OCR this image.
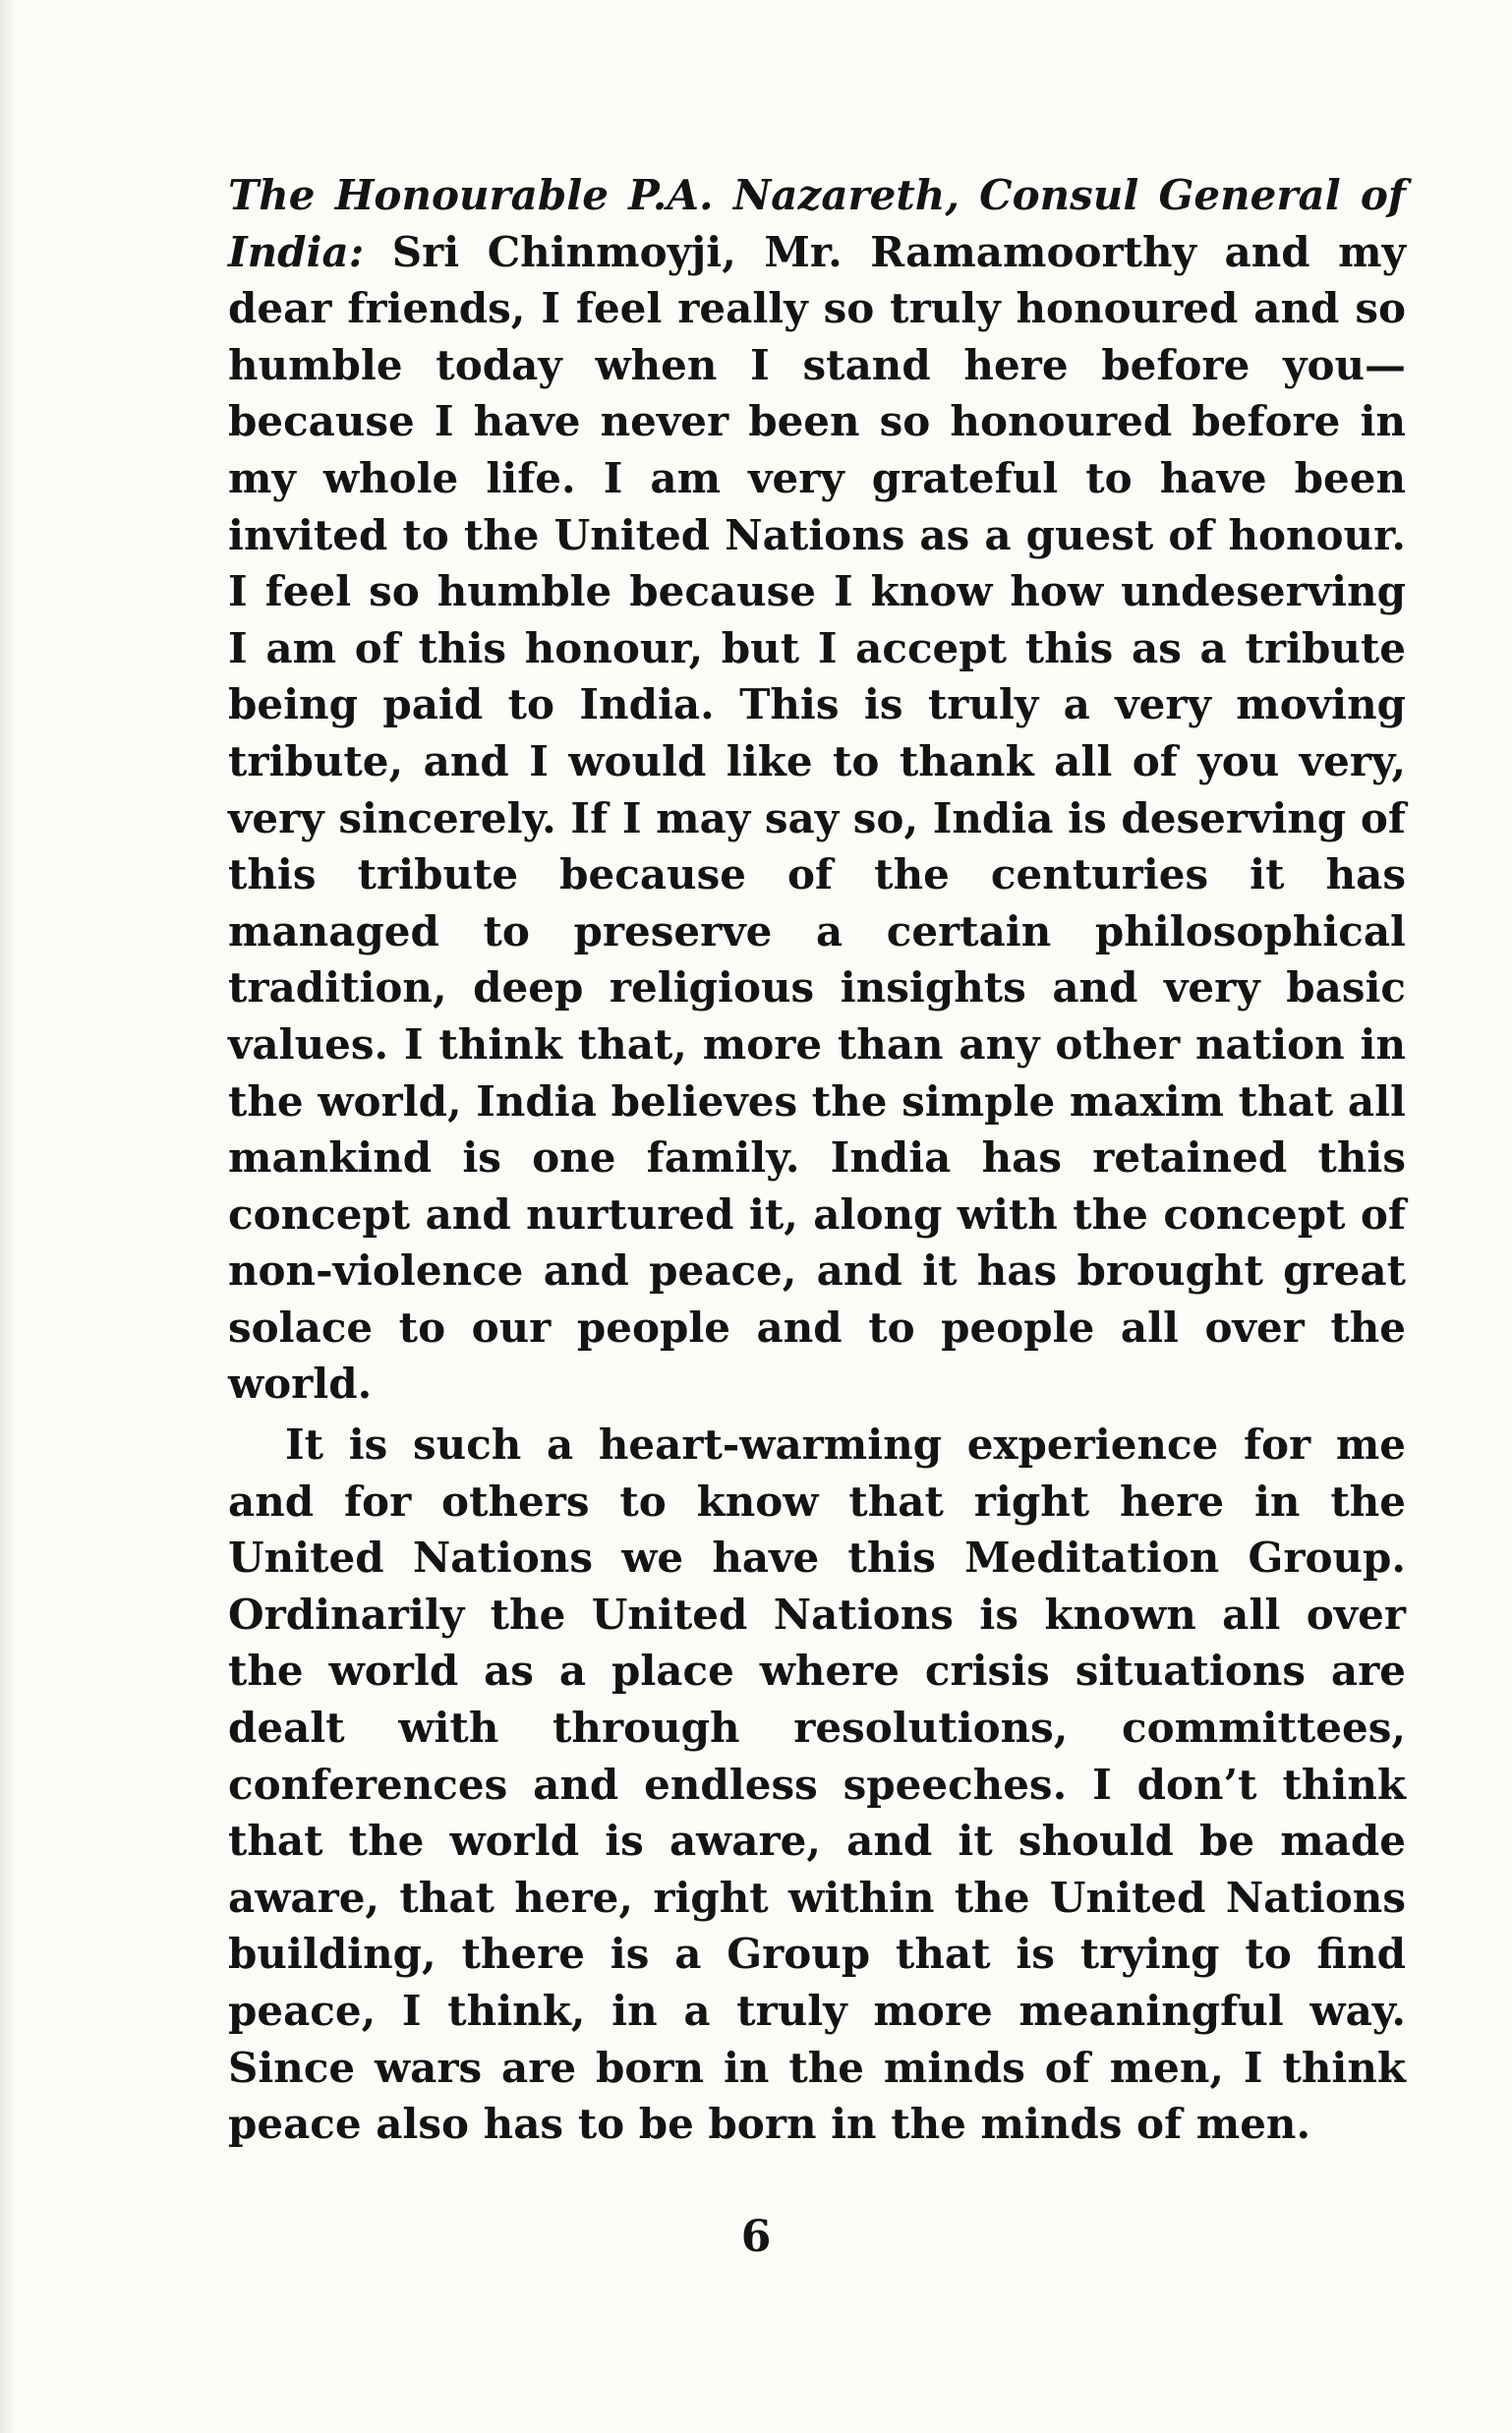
The Honourable P.A. Nazareth, Consul General of India: Sri Chinmoyji, Mr. Ramamoorthy and my dear friends, I feel really so truly honoured and so humble today when I stand here before you—because I have never been so honoured before in my whole life. I am very grateful to have been invited to the United Nations as a guest of honour. I feel so humble because I know how undeserving I am of this honour, but I accept this as a tribute being paid to India. This is truly a very moving tribute, and I would like to thank all of you very, very sincerely. If I may say so, India is deserving of this tribute because of the centuries it has managed to preserve a certain philosophical tradition, deep religious insights and very basic values. I think that, more than any other nation in the world, India believes the simple maxim that all mankind is one family. India has retained this concept and nurtured it, along with the concept of non-violence and peace, and it has brought great solace to our people and to people all over the world.

It is such a heart-warming experience for me and for others to know that right here in the United Nations we have this Meditation Group. Ordinarily the United Nations is known all over the world as a place where crisis situations are dealt with through resolutions, committees, conferences and endless speeches. I don’t think that the world is aware, and it should be made aware, that here, right within the United Nations building, there is a Group that is trying to find peace, I think, in a truly more meaningful way. Since wars are born in the minds of men, I think peace also has to be born in the minds of men.

6
